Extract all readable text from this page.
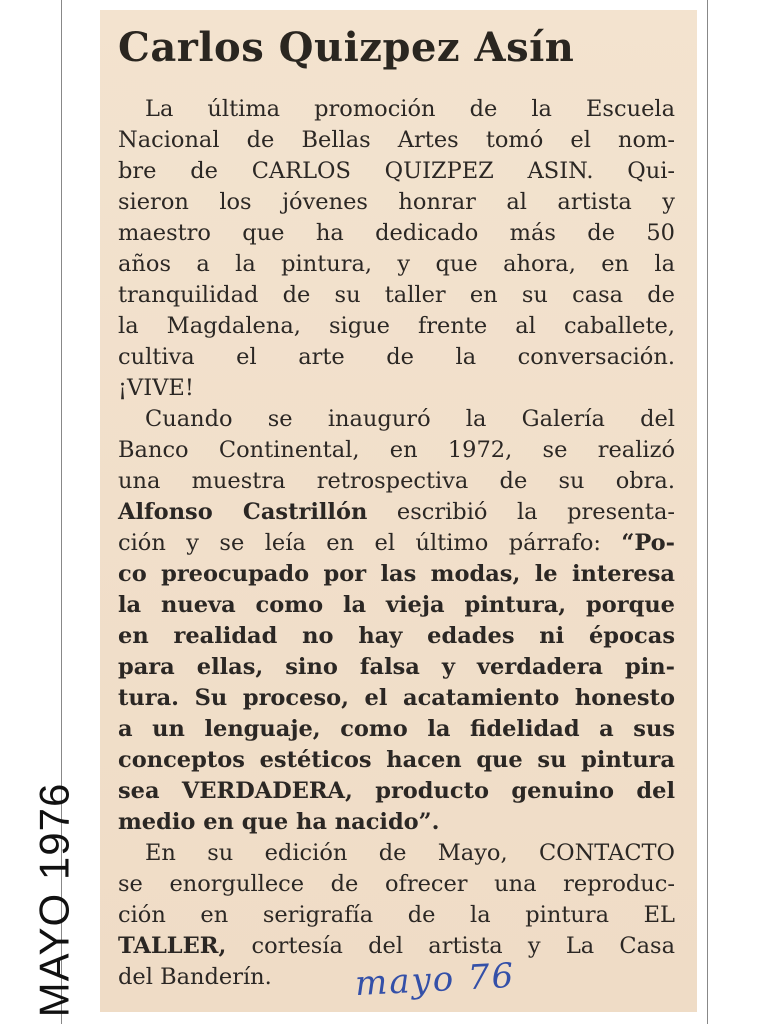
MAYO 1976
Carlos Quizpez Asín
La última promoción de la Escuela
Nacional de Bellas Artes tomó el nom-
bre de CARLOS QUIZPEZ ASIN. Qui-
sieron los jóvenes honrar al artista y
maestro que ha dedicado más de 50
años a la pintura, y que ahora, en la
tranquilidad de su taller en su casa de
la Magdalena, sigue frente al caballete,
cultiva el arte de la conversación.
¡VIVE!
Cuando se inauguró la Galería del
Banco Continental, en 1972, se realizó
una muestra retrospectiva de su obra.
Alfonso Castrillón escribió la presenta-
ción y se leía en el último párrafo: “Po-
co preocupado por las modas, le interesa
la nueva como la vieja pintura, porque
en realidad no hay edades ni épocas
para ellas, sino falsa y verdadera pin-
tura. Su proceso, el acatamiento honesto
a un lenguaje, como la fidelidad a sus
conceptos estéticos hacen que su pintura
sea VERDADERA, producto genuino del
medio en que ha nacido”.
En su edición de Mayo, CONTACTO
se enorgullece de ofrecer una reproduc-
ción en serigrafía de la pintura EL
TALLER, cortesía del artista y La Casa
del Banderín.	mayo 76
